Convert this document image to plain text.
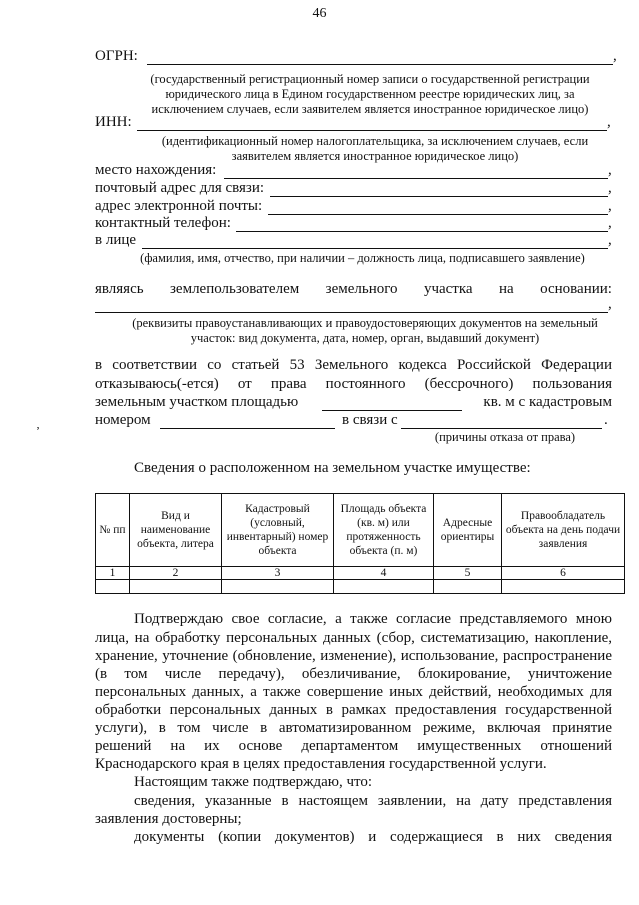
46
ОГРН:	,
(государственный регистрационный номер записи о государственной регистрации
юридического лица в Едином государственном реестре юридических лиц, за
исключением случаев, если заявителем является иностранное юридическое лицо)
ИНН:	,
(идентификационный номер налогоплательщика, за исключением случаев, если
заявителем является иностранное юридическое лицо)
место нахождения:	,
почтовый адрес для связи:	,
адрес электронной почты:	,
контактный телефон:	,
в лице	,
(фамилия, имя, отчество, при наличии – должность лица, подписавшего заявление)
являясь землепользователем земельного участка на основании:
,
(реквизиты правоустанавливающих и правоудостоверяющих документов на земельный
участок: вид документа, дата, номер, орган, выдавший документ)
в соответствии со статьей 53 Земельного кодекса Российской Федерации
отказываюсь(-ется) от права постоянного (бессрочного) пользования
земельным участком площадью	кв. м с кадастровым
номером	в связи с	.
(причины отказа от права)
‚
Сведения о расположенном на земельном участке имуществе:
№ пп	Вид и наименование объекта, литера	Кадастровый (условный, инвентарный) номер объекта	Площадь объекта (кв. м) или протяженность объекта (п. м)	Адресные ориентиры	Правообладатель объекта на день подачи заявления
1	2	3	4	5	6

Подтверждаю свое согласие, а также согласие представляемого мною
лица, на обработку персональных данных (сбор, систематизацию, накопление,
хранение, уточнение (обновление, изменение), использование, распространение
(в том числе передачу), обезличивание, блокирование, уничтожение
персональных данных, а также совершение иных действий, необходимых для
обработки персональных данных в рамках предоставления государственной
услуги), в том числе в автоматизированном режиме, включая принятие
решений на их основе департаментом имущественных отношений
Краснодарского края в целях предоставления государственной услуги.
Настоящим также подтверждаю, что:
сведения, указанные в настоящем заявлении, на дату представления
заявления достоверны;
документы (копии документов) и содержащиеся в них сведения
